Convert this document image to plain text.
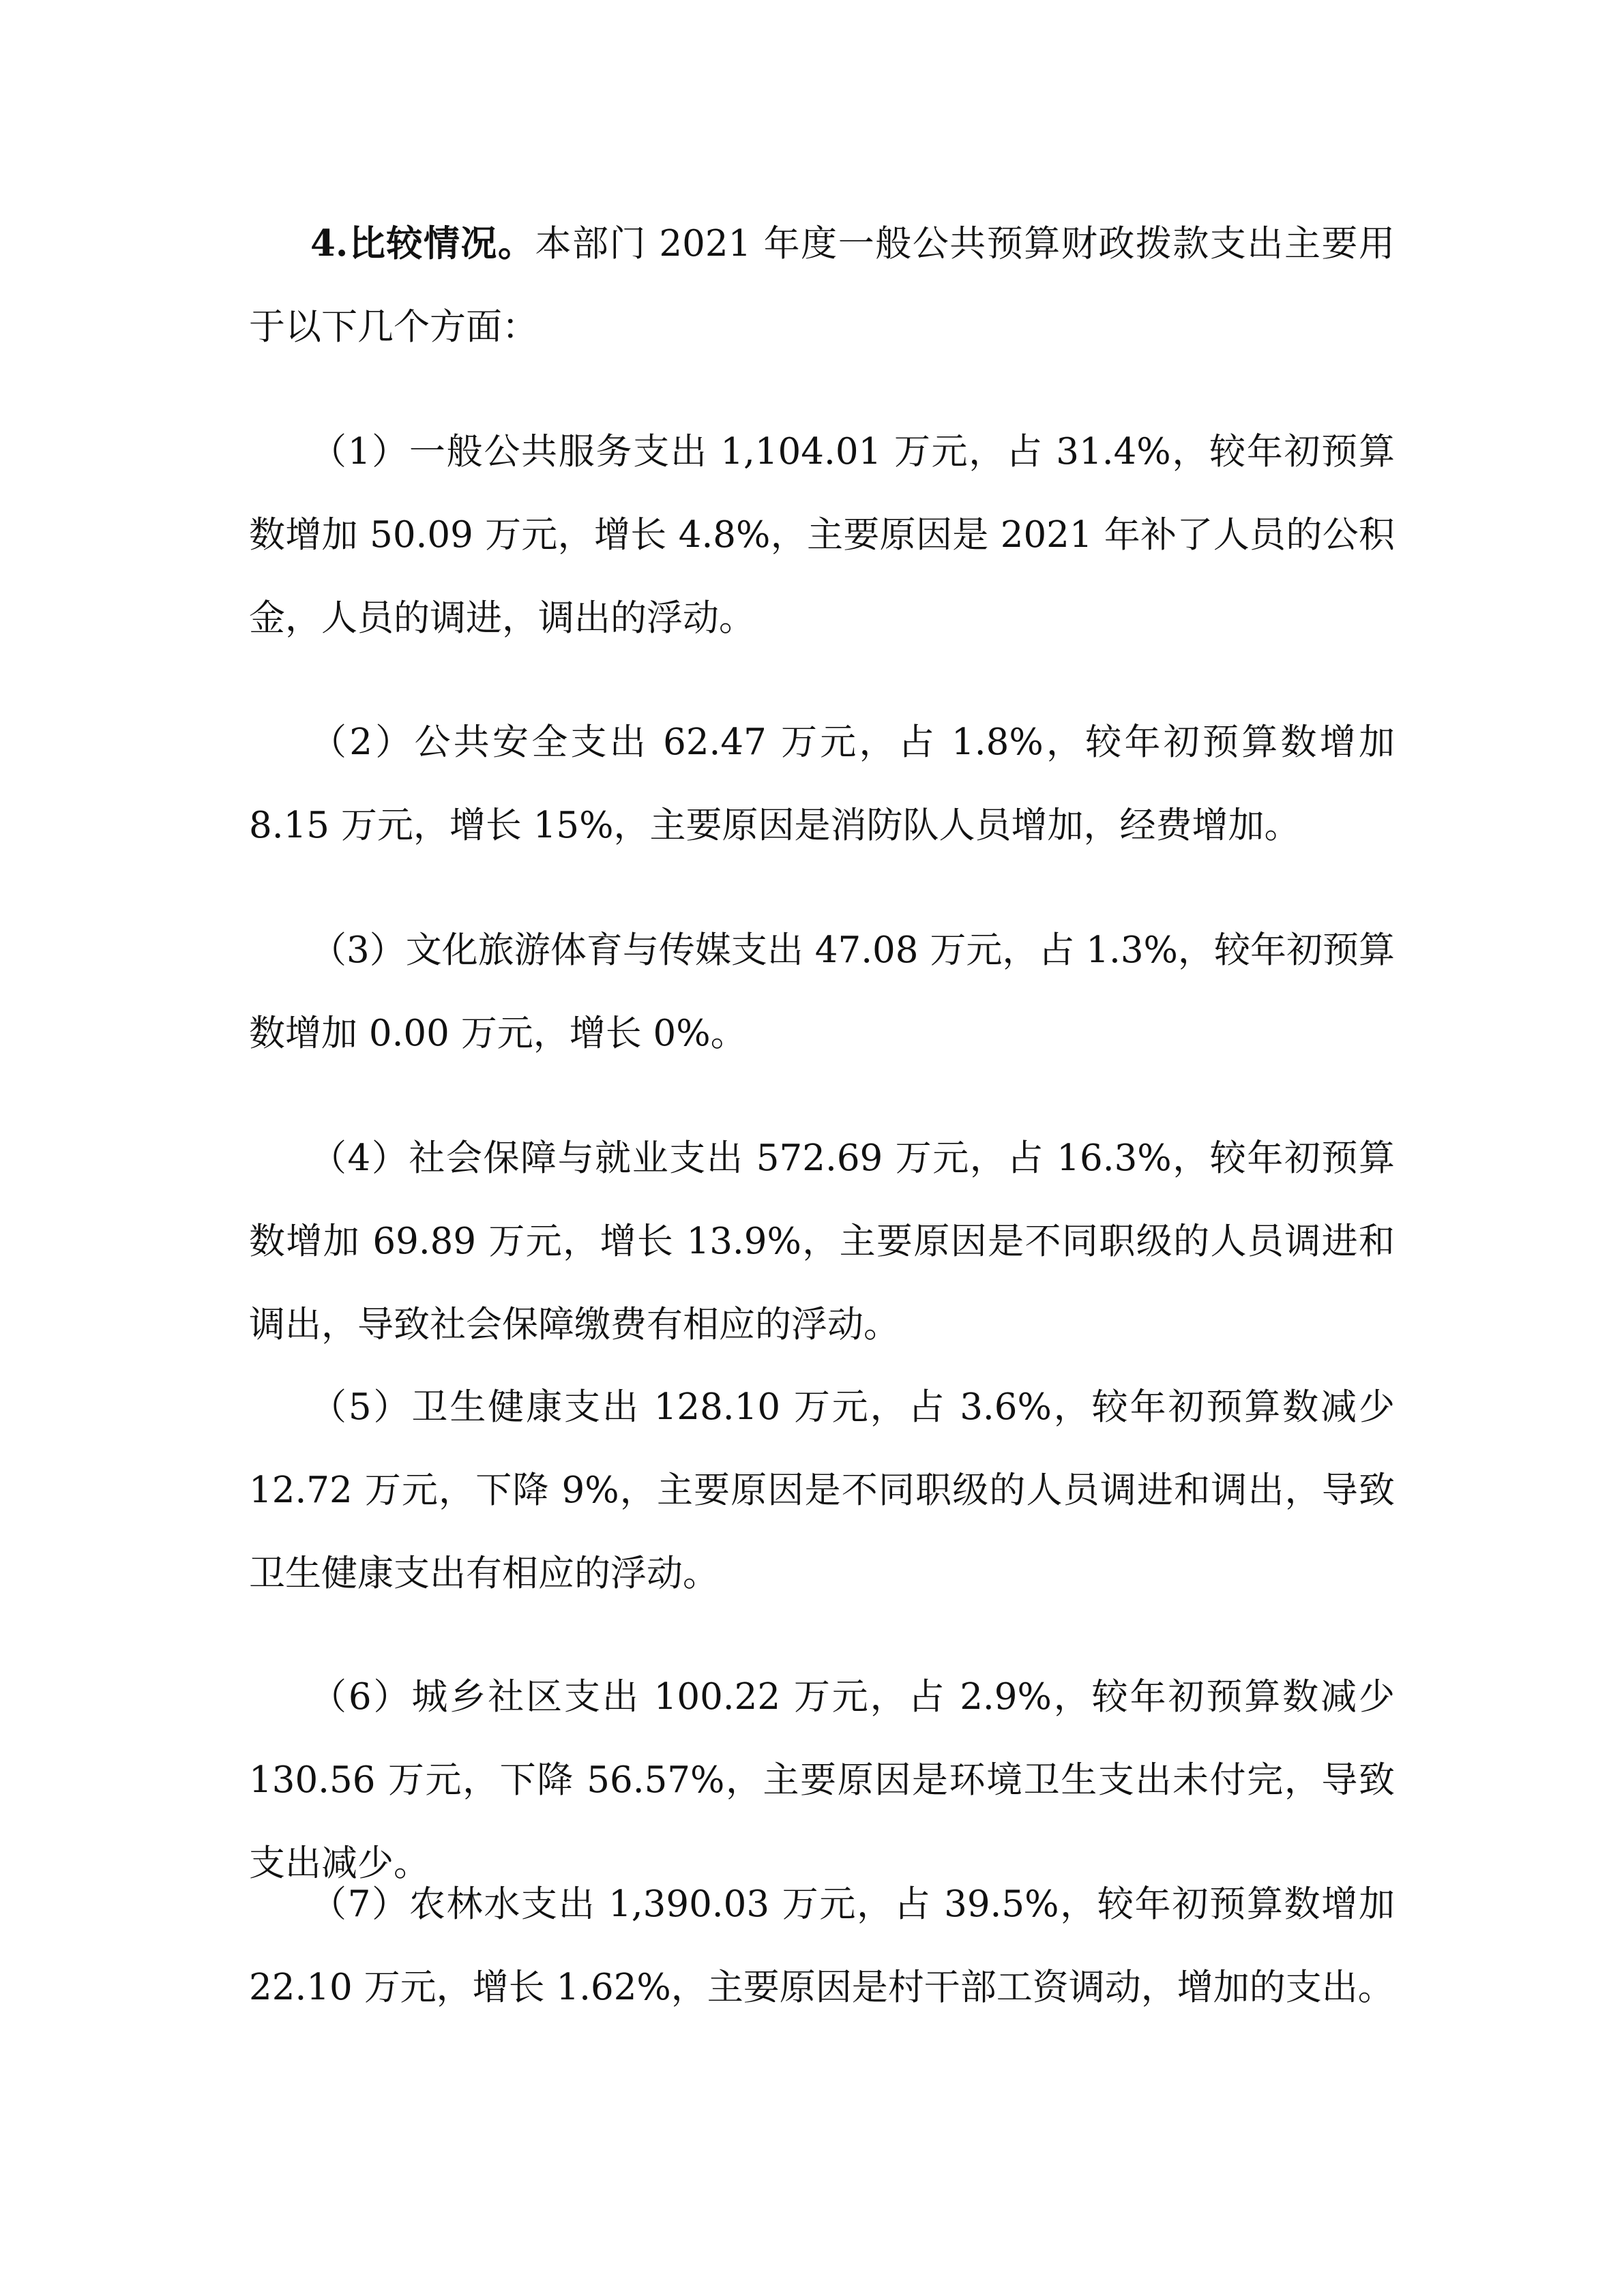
4.比较情况。本部门 2021 年度一般公共预算财政拨款支出主要用于以下几个方面：

（1）一般公共服务支出 1,104.01 万元，占 31.4%，较年初预算数增加 50.09 万元，增长 4.8%，主要原因是 2021 年补了人员的公积金，人员的调进，调出的浮动。

（2）公共安全支出 62.47 万元，占 1.8%，较年初预算数增加 8.15 万元，增长 15%，主要原因是消防队人员增加，经费增加。

（3）文化旅游体育与传媒支出 47.08 万元，占 1.3%，较年初预算数增加 0.00 万元，增长 0%。

（4）社会保障与就业支出 572.69 万元，占 16.3%，较年初预算数增加 69.89 万元，增长 13.9%，主要原因是不同职级的人员调进和调出，导致社会保障缴费有相应的浮动。

（5）卫生健康支出 128.10 万元，占 3.6%，较年初预算数减少 12.72 万元，下降 9%，主要原因是不同职级的人员调进和调出，导致卫生健康支出有相应的浮动。

（6）城乡社区支出 100.22 万元，占 2.9%，较年初预算数减少 130.56 万元，下降 56.57%，主要原因是环境卫生支出未付完，导致支出减少。

（7）农林水支出 1,390.03 万元，占 39.5%，较年初预算数增加 22.10 万元，增长 1.62%，主要原因是村干部工资调动，增加的支出。
